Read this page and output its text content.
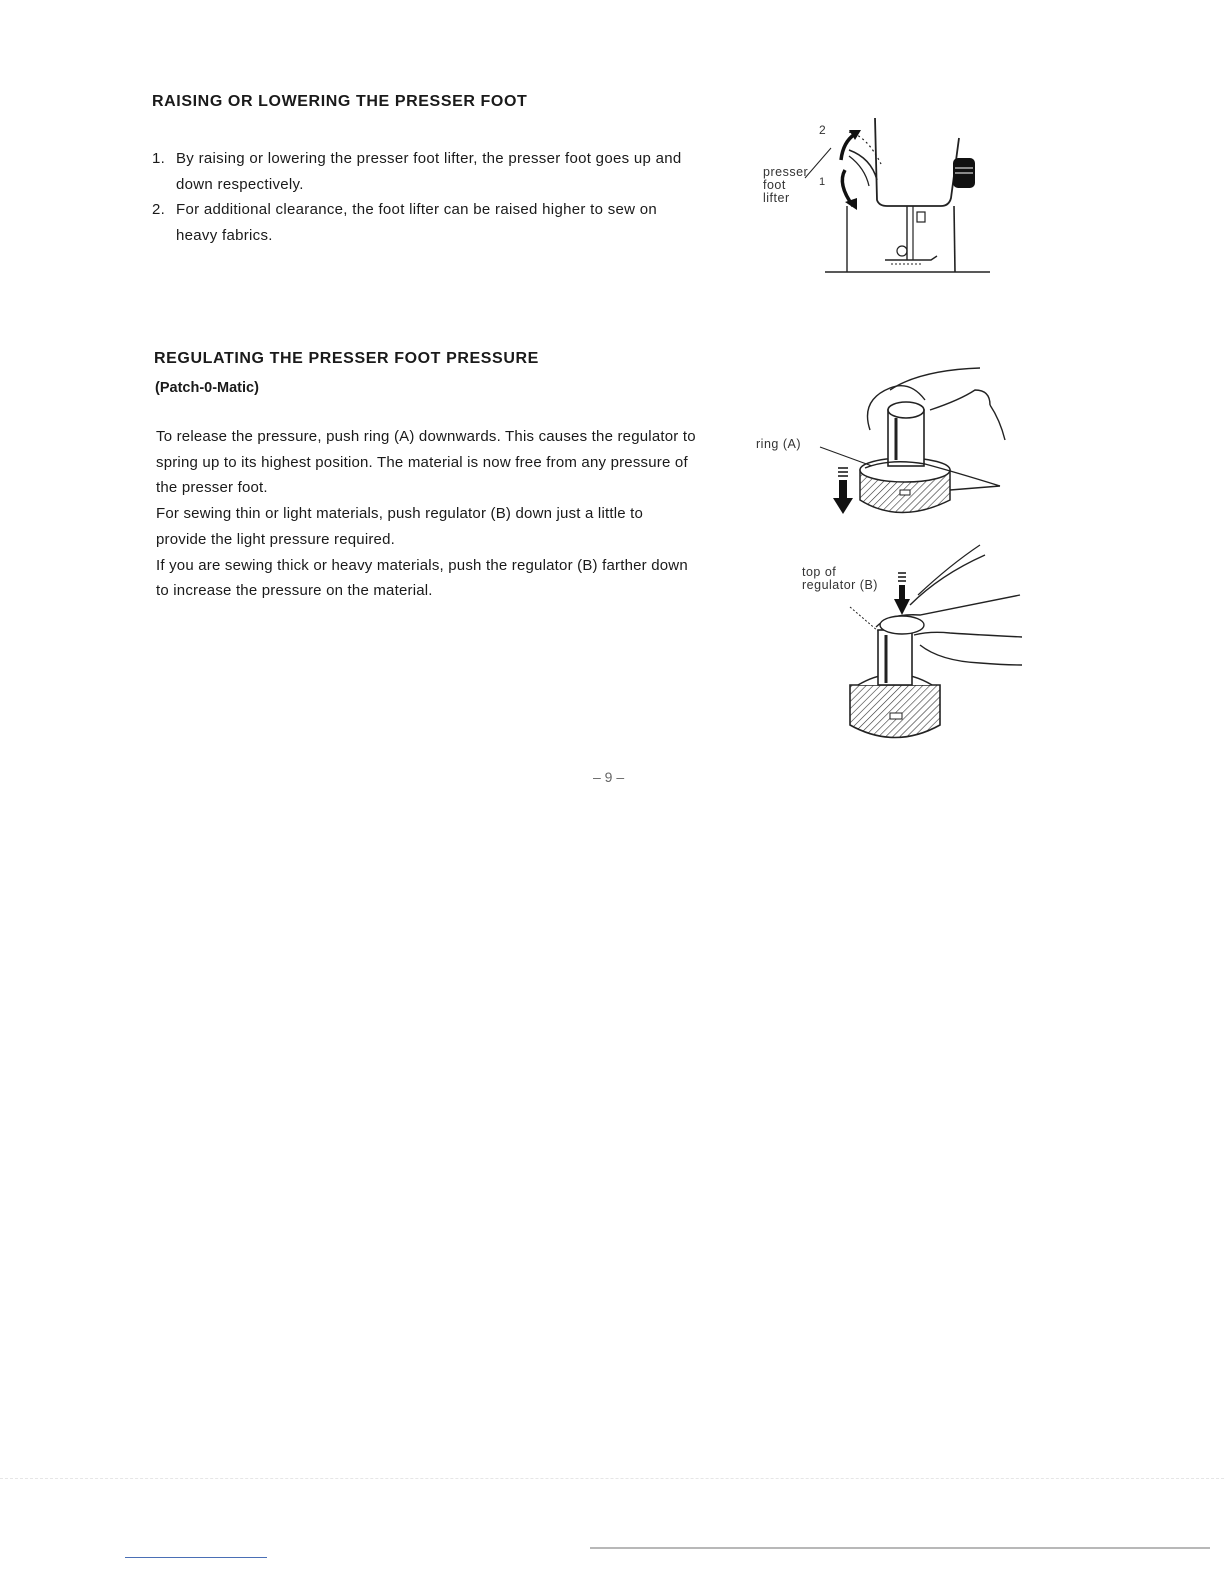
RAISING OR LOWERING THE PRESSER FOOT
1. By raising or lowering the presser foot lifter, the presser foot goes up and down respectively.
2. For additional clearance, the foot lifter can be raised higher to sew on heavy fabrics.
presser
foot
lifter
1
2
REGULATING THE PRESSER FOOT PRESSURE
(Patch-0-Matic)

To release the pressure, push ring (A) downwards. This causes the regulator to spring up to its highest position. The material is now free from any pressure of the presser foot.

For sewing thin or light materials, push regulator (B) down just a little to provide the light pressure required.

If you are sewing thick or heavy materials, push the regulator (B) farther down to increase the pressure on the material.

ring (A)
top of
regulator (B)
– 9 –
